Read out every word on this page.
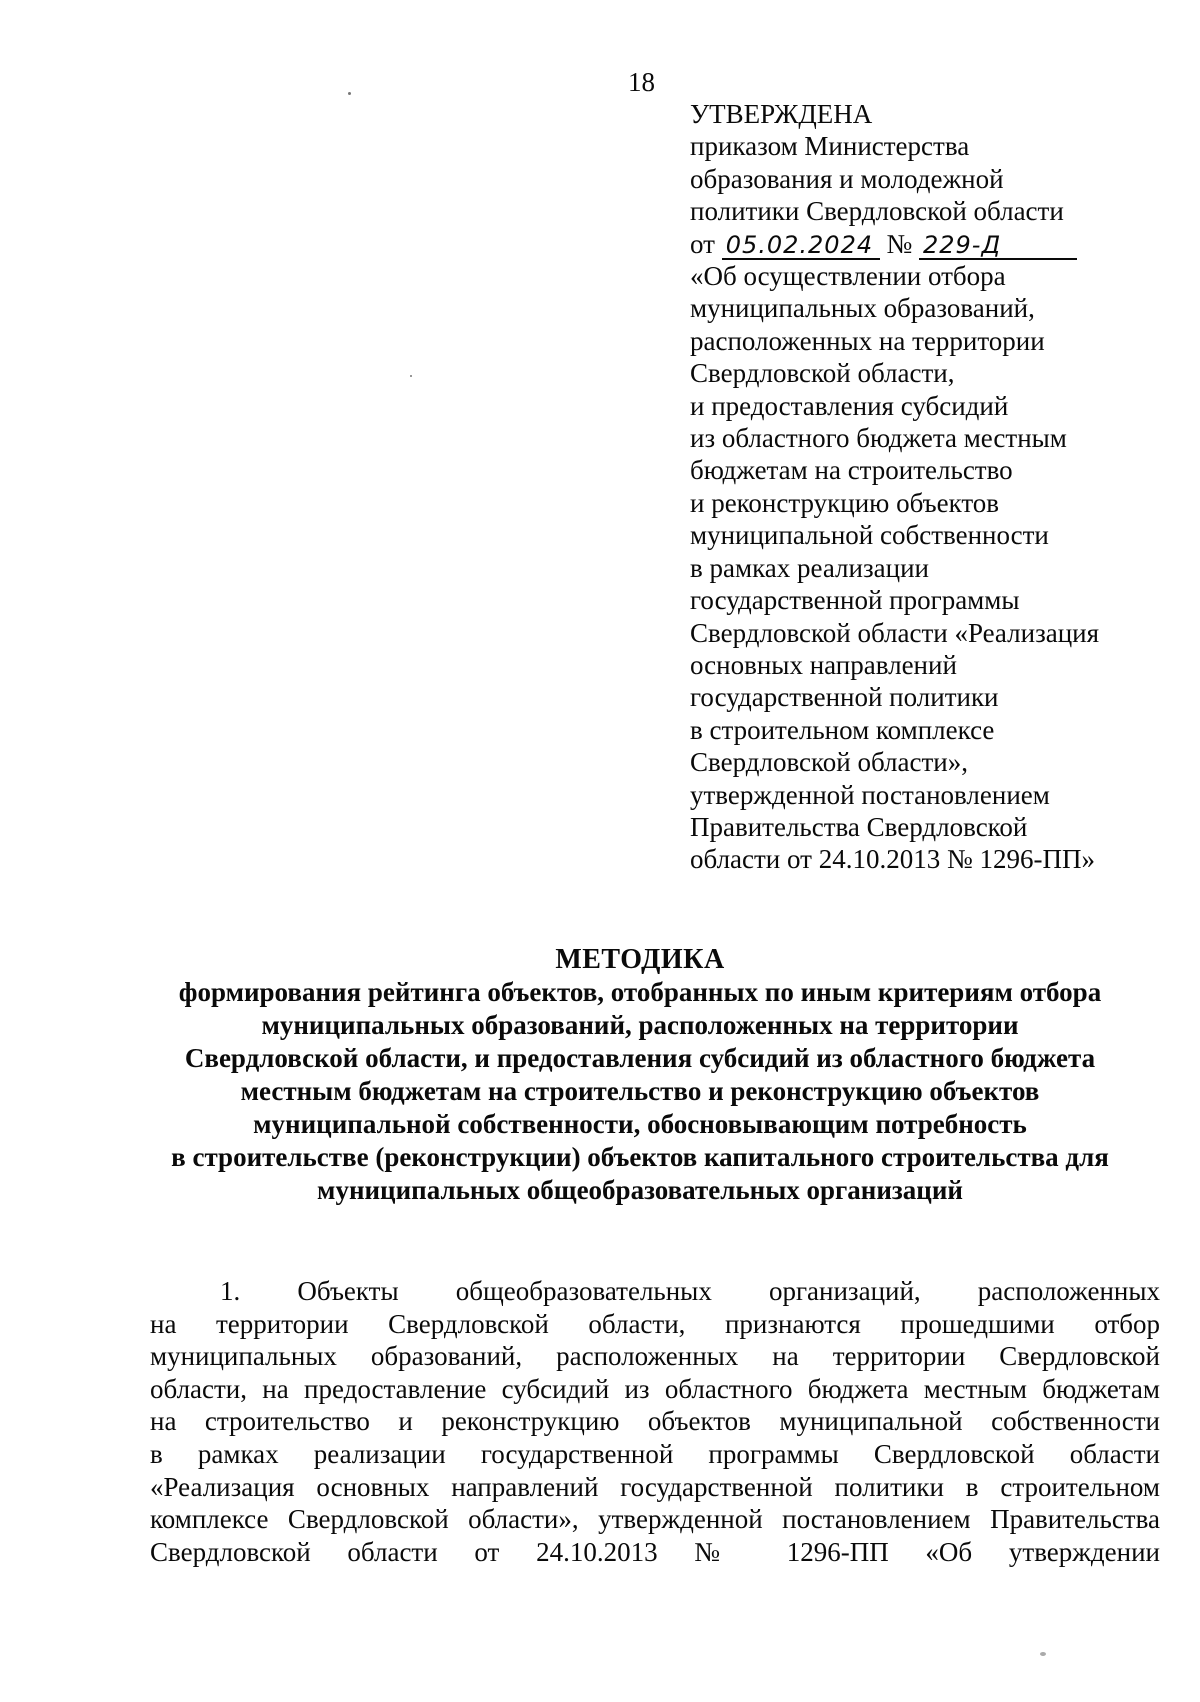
18
УТВЕРЖДЕНА
приказом Министерства
образования и молодежной
политики Свердловской области
от 05.02.2024 № 229-Д
«Об осуществлении отбора
муниципальных образований,
расположенных на территории
Свердловской области,
и предоставления субсидий
из областного бюджета местным
бюджетам на строительство
и реконструкцию объектов
муниципальной собственности
в рамках реализации
государственной программы
Свердловской области «Реализация
основных направлений
государственной политики
в строительном комплексе
Свердловской области»,
утвержденной постановлением
Правительства Свердловской
области от 24.10.2013 № 1296-ПП»
МЕТОДИКА
формирования рейтинга объектов, отобранных по иным критериям отбора
муниципальных образований, расположенных на территории
Свердловской области, и предоставления субсидий из областного бюджета
местным бюджетам на строительство и реконструкцию объектов
муниципальной собственности, обосновывающим потребность
в строительстве (реконструкции) объектов капитального строительства для
муниципальных общеобразовательных организаций
1. Объекты общеобразовательных организаций, расположенных
на территории Свердловской области, признаются прошедшими отбор
муниципальных образований, расположенных на территории Свердловской
области, на предоставление субсидий из областного бюджета местным бюджетам
на строительство и реконструкцию объектов муниципальной собственности
в рамках реализации государственной программы Свердловской области
«Реализация основных направлений государственной политики в строительном
комплексе Свердловской области», утвержденной постановлением Правительства
Свердловской области от 24.10.2013 № 1296-ПП «Об утверждении
